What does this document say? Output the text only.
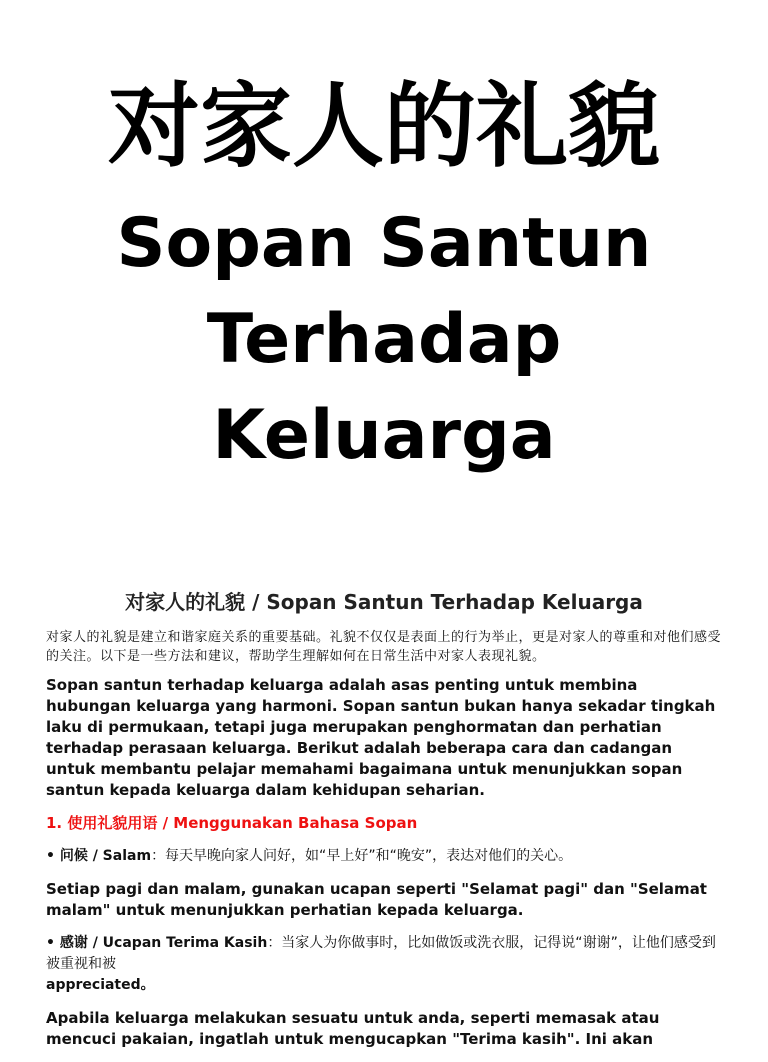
对家人的礼貌
Sopan Santun Terhadap Keluarga
对家人的礼貌 / Sopan Santun Terhadap Keluarga

对家人的礼貌是建立和谐家庭关系的重要基础。礼貌不仅仅是表面上的行为举止，更是对家人的尊重和对他们感受的关注。以下是一些方法和建议，帮助学生理解如何在日常生活中对家人表现礼貌。

Sopan santun terhadap keluarga adalah asas penting untuk membina hubungan keluarga yang harmoni. Sopan santun bukan hanya sekadar tingkah laku di permukaan, tetapi juga merupakan penghormatan dan perhatian terhadap perasaan keluarga. Berikut adalah beberapa cara dan cadangan untuk membantu pelajar memahami bagaimana untuk menunjukkan sopan santun kepada keluarga dalam kehidupan seharian.

1. 使用礼貌用语 / Menggunakan Bahasa Sopan

• 问候 / Salam：每天早晚向家人问好，如“早上好”和“晚安”，表达对他们的关心。

Setiap pagi dan malam, gunakan ucapan seperti "Selamat pagi" dan "Selamat malam" untuk menunjukkan perhatian kepada keluarga.

• 感谢 / Ucapan Terima Kasih：当家人为你做事时，比如做饭或洗衣服，记得说“谢谢”，让他们感受到被重视和被
appreciated。

Apabila keluarga melakukan sesuatu untuk anda, seperti memasak atau mencuci pakaian, ingatlah untuk mengucapkan "Terima kasih". Ini akan
